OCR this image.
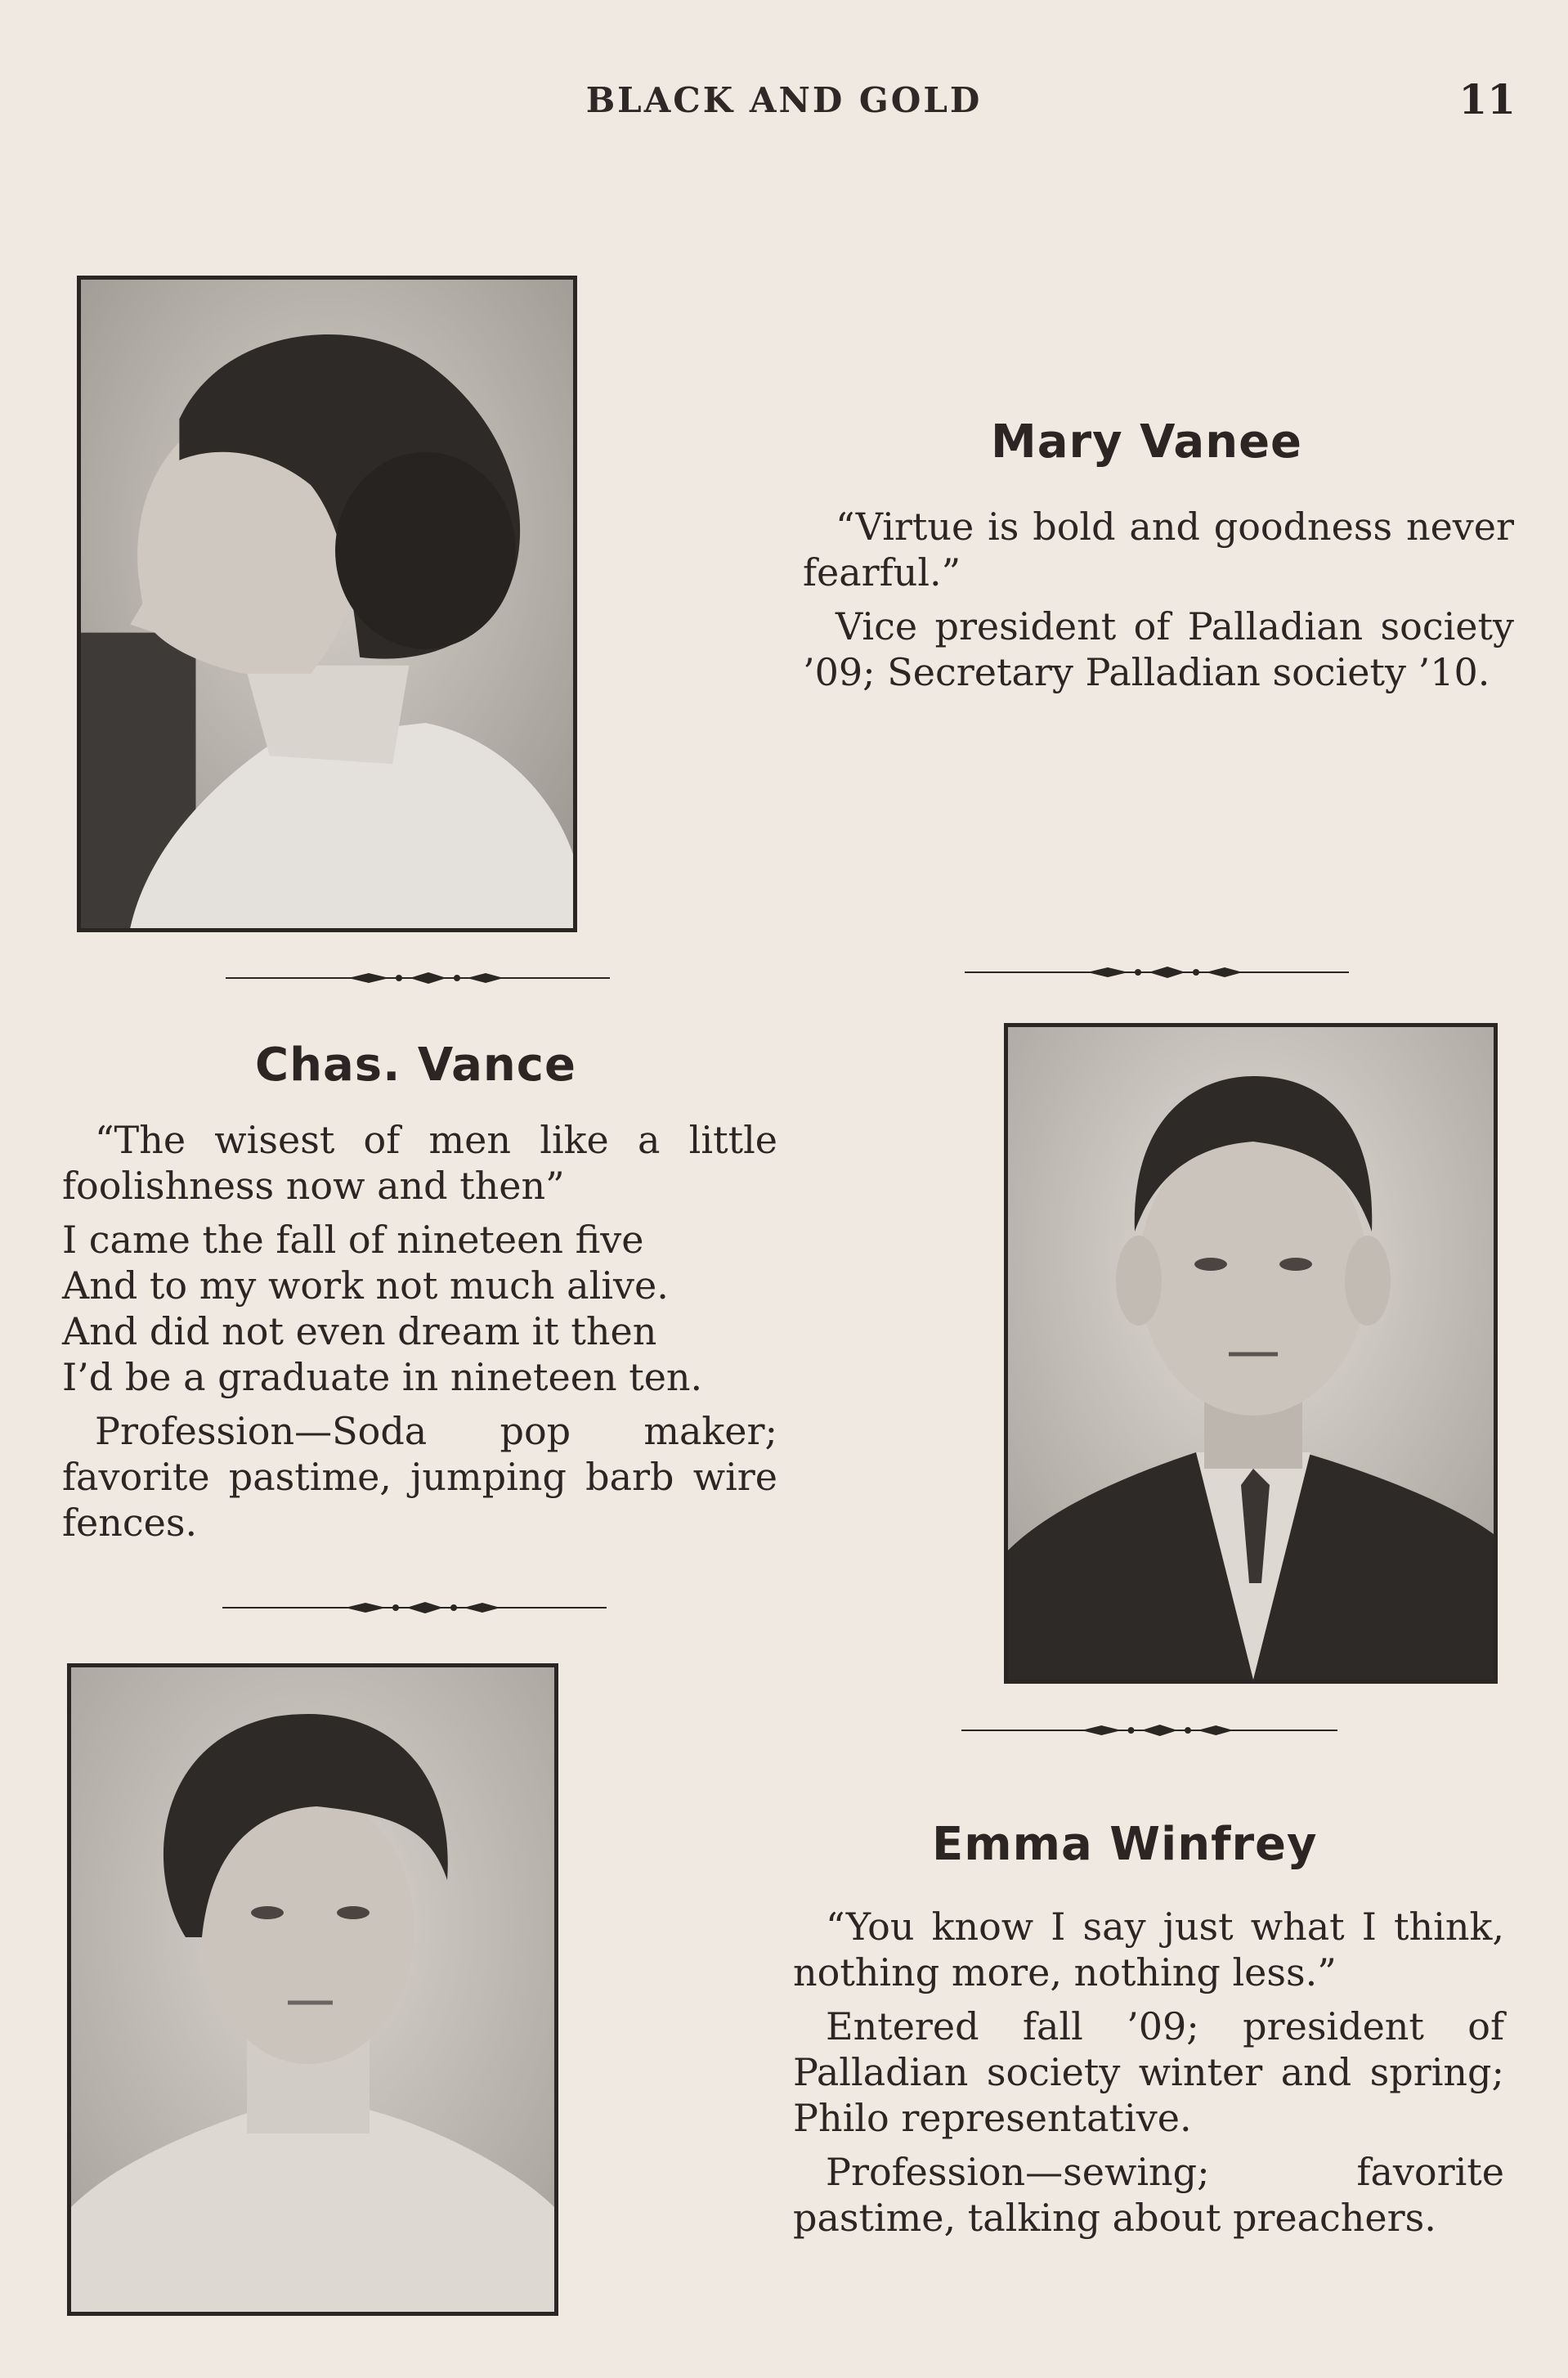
BLACK AND GOLD	11
Mary Vanee

“Virtue is bold and goodness never fearful.”

Vice president of Palladian society ’09; Secretary Palladian society ’10.

Chas. Vance

“The wisest of men like a little foolishness now and then”

I came the fall of nineteen five
And to my work not much alive.
And did not even dream it then
I’d be a graduate in nineteen ten.

Profession—Soda pop maker; favorite pastime, jumping barb wire fences.

Emma Winfrey

“You know I say just what I think, nothing more, nothing less.”

Entered fall ’09; president of Palladian society winter and spring; Philo representative.

Profession—sewing; favorite pastime, talking about preachers.
